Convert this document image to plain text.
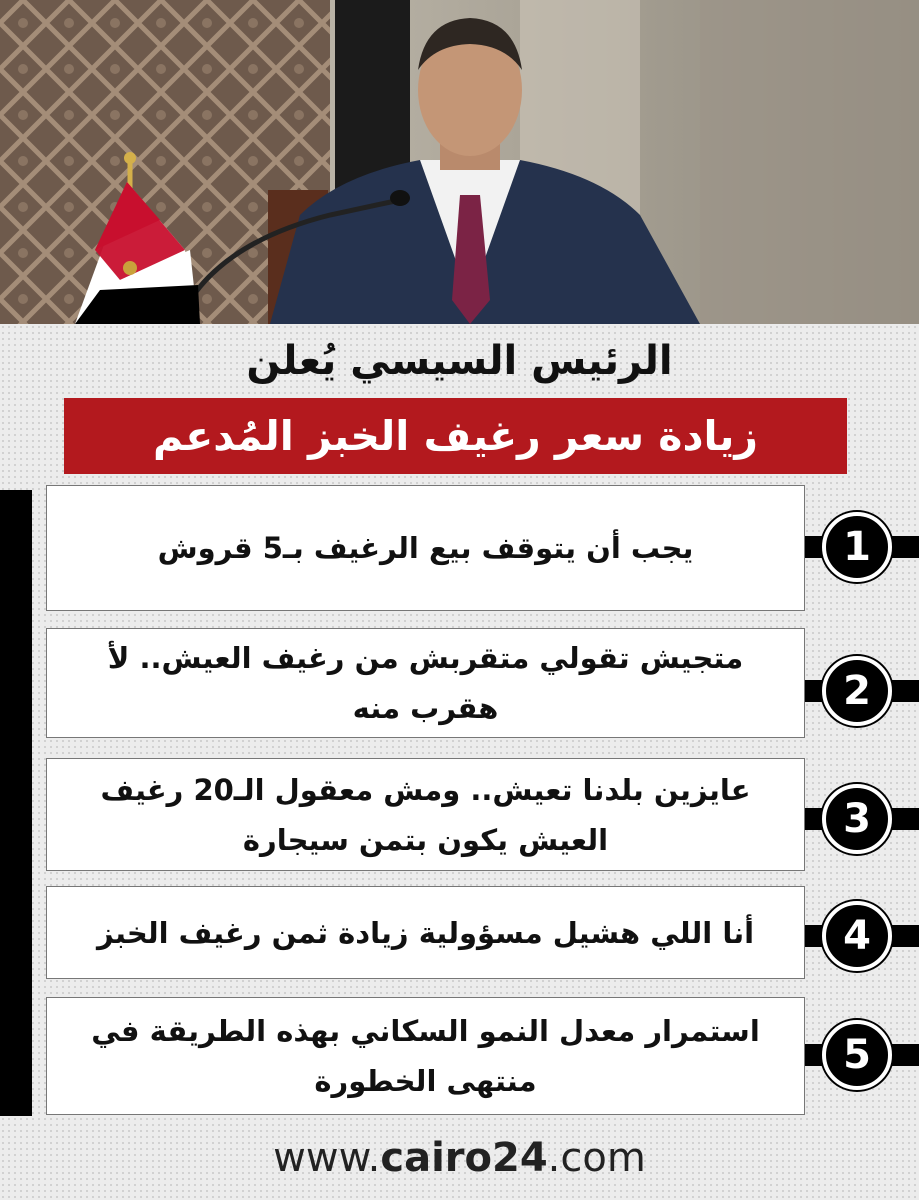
الرئيس السيسي يُعلن
زيادة سعر رغيف الخبز المُدعم
يجب أن يتوقف بيع الرغيف بـ5 قروش	1
متجيش تقولي متقربش من رغيف العيش.. لأ هقرب منه	2
عايزين بلدنا تعيش.. ومش معقول الـ20 رغيف العيش يكون بتمن سيجارة	3
أنا اللي هشيل مسؤولية زيادة ثمن رغيف الخبز	4
استمرار معدل النمو السكاني بهذه الطريقة في منتهى الخطورة
5
www.cairo24.com
